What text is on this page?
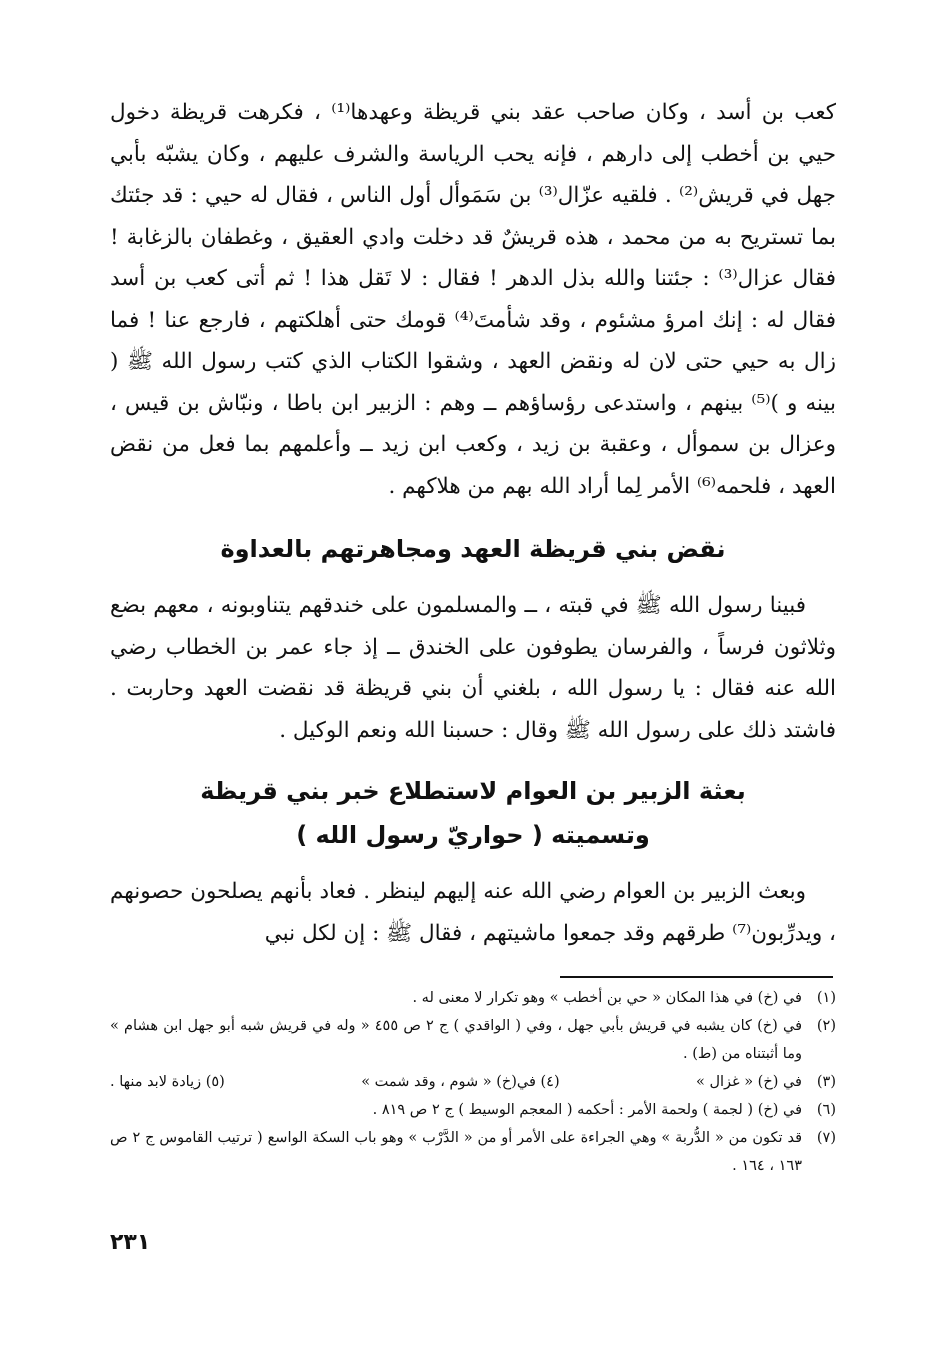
كعب بن أسد ، وكان صاحب عقد بني قريظة وعهدها⁽¹⁾ ، فكرهت قريظة دخول حيي بن أخطب إلى دارهم ، فإنه يحب الرياسة والشرف عليهم ، وكان يشبّه بأبي جهل في قريش⁽²⁾ . فلقيه عزّال⁽³⁾ بن سَمَوأل أول الناس ، فقال له حيي : قد جئتك بما تستريح به من محمد ، هذه قريشٌ قد دخلت وادي العقيق ، وغطفان بالزغابة ! فقال عزال⁽³⁾ : جئتنا والله بذل الدهر ! فقال : لا تَقل هذا ! ثم أتى كعب بن أسد فقال له : إنك امرؤ مشئوم ، وقد شأمتَ⁽⁴⁾ قومك حتى أهلكتهم ، فارجع عنا ! فما زال به حيي حتى لان له ونقض العهد ، وشقوا الكتاب الذي كتب رسول الله ﷺ ( بينه و )⁽⁵⁾ بينهم ، واستدعى رؤساؤهم ــ وهم : الزبير ابن باطا ، ونبّاش بن قيس ، وعزال بن سموأل ، وعقبة بن زيد ، وكعب ابن زيد ــ وأعلمهم بما فعل من نقض العهد ، فلحمه⁽⁶⁾ الأمر لِما أراد الله بهم من هلاكهم .

نقض بني قريظة العهد ومجاهرتهم بالعداوة

فبينا رسول الله ﷺ في قبته ، ــ والمسلمون على خندقهم يتناوبونه ، معهم بضع وثلاثون فرساً ، والفرسان يطوفون على الخندق ــ إذ جاء عمر بن الخطاب رضي الله عنه فقال : يا رسول الله ، بلغني أن بني قريظة قد نقضت العهد وحاربت . فاشتد ذلك على رسول الله ﷺ وقال : حسبنا الله ونعم الوكيل .

بعثة الزبير بن العوام لاستطلاع خبر بني قريظة
وتسميته ( حواريّ رسول الله )

وبعث الزبير بن العوام رضي الله عنه إليهم لينظر . فعاد بأنهم يصلحون حصونهم ، ويدرِّبون⁽⁷⁾ طرقهم وقد جمعوا ماشيتهم ، فقال ﷺ : إن لكل نبي

(١)
في (خ) في هذا المكان « حي بن أخطب » وهو تكرار لا معنى له .
(٢)
في (خ) كان يشبه في قريش بأبي جهل ، وفي ( الواقدي ) ج ٢ ص ٤٥٥ « وله في قريش شبه أبو جهل ابن هشام » وما أثبتناه من (ط) .
(٣)
في (خ) « غزال »
(٤) في(خ) « شوم ، وقد شمت »
(٥) زيادة لابد منها .
(٦)
في (خ) ( لجمة ) ولحمة الأمر : أحكمه ( المعجم الوسيط ) ج ٢ ص ٨١٩ .
(٧)
قد تكون من « الدُّربة » وهي الجراءة على الأمر أو من « الدَّرْب » وهو باب السكة الواسع ( ترتيب القاموس ج ٢ ص ١٦٣ ، ١٦٤ .
٢٣١
